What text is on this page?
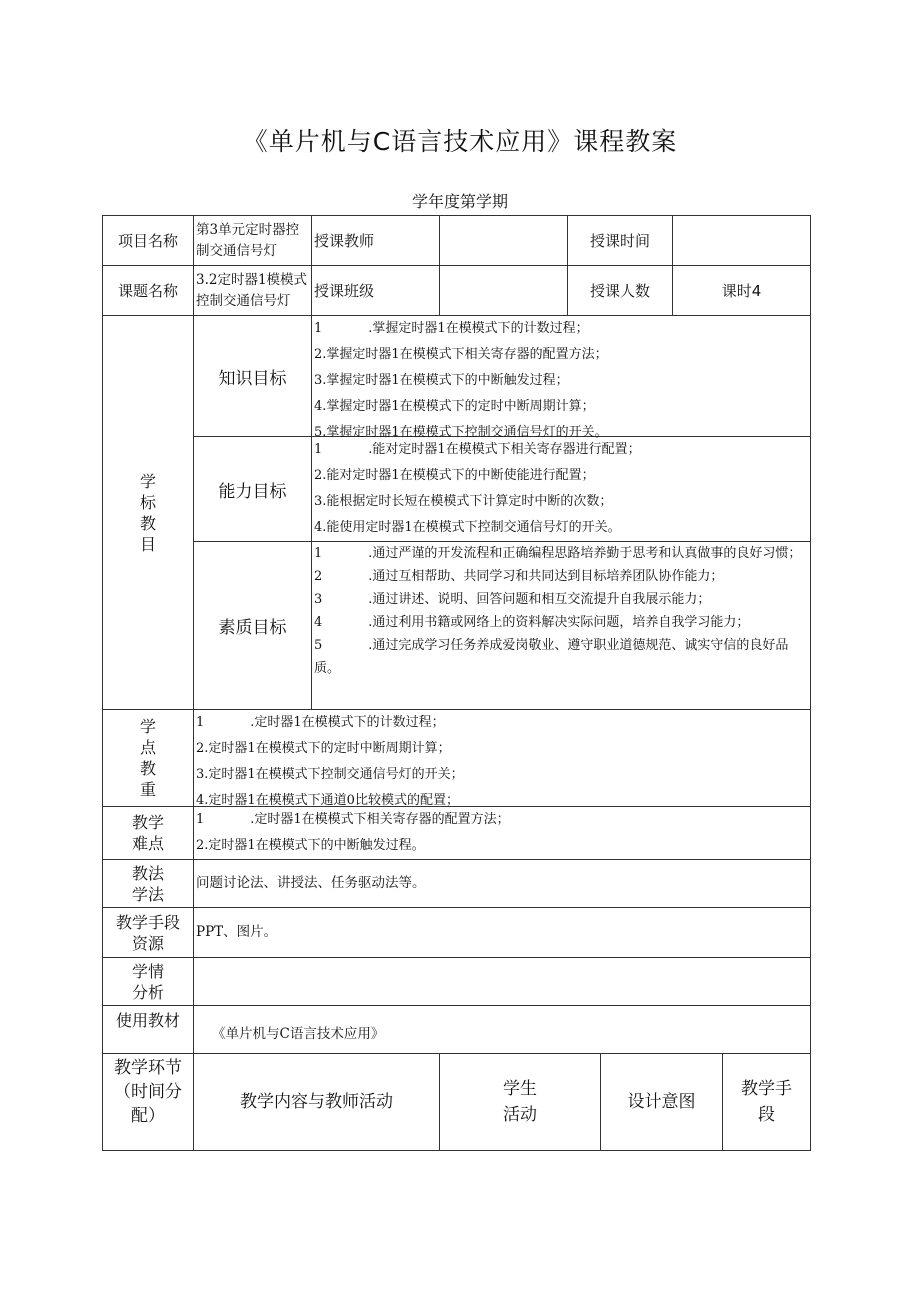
《单片机与C语言技术应用》课程教案
学年度第学期
项目名称	第3单元定时器控制交通信号灯	授课教师		授课时间			
课题名称	3.2定时器1模模式控制交通信号灯	授课班级		授课人数		课时4	

学标教目	知识目标	1 .掌握定时器1在模模式下的计数过程；
2.掌握定时器1在模模式下相关寄存器的配置方法；
3.掌握定时器1在模模式下的中断触发过程；
4.掌握定时器1在模模式下的定时中断周期计算；
5.掌握定时器1在模模式下控制交通信号灯的开关。					

	能力目标	1 .能对定时器1在模模式下相关寄存器进行配置；
2.能对定时器1在模模式下的中断使能进行配置；
3.能根据定时长短在模模式下计算定时中断的次数；
4.能使用定时器1在模模式下控制交通信号灯的开关。					

	素质目标	1 .通过严谨的开发流程和正确编程思路培养勤于思考和认真做事的良好习惯；
2 .通过互相帮助、共同学习和共同达到目标培养团队协作能力；
3 .通过讲述、说明、回答问题和相互交流提升自我展示能力；
4 .通过利用书籍或网络上的资料解决实际问题，培养自我学习能力；
5 .通过完成学习任务养成爱岗敬业、遵守职业道德规范、诚实守信的良好品质。					

学点教重	1 .定时器1在模模式下的计数过程；
2.定时器1在模模式下的定时中断周期计算；
3.定时器1在模模式下控制交通信号灯的开关；
4.定时器1在模模式下通道0比较模式的配置；						

教学难点	1 .定时器1在模模式下相关寄存器的配置方法；
2.定时器1在模模式下的中断触发过程。						

教法学法	问题讨论法、讲授法、任务驱动法等。						

教学手段资源	PPT、图片。						

学情分析							

使用教材	《单片机与C语言技术应用》						

教学环节（时间分配）	教学内容与教师活动		学生活动		设计意图		教学手段
